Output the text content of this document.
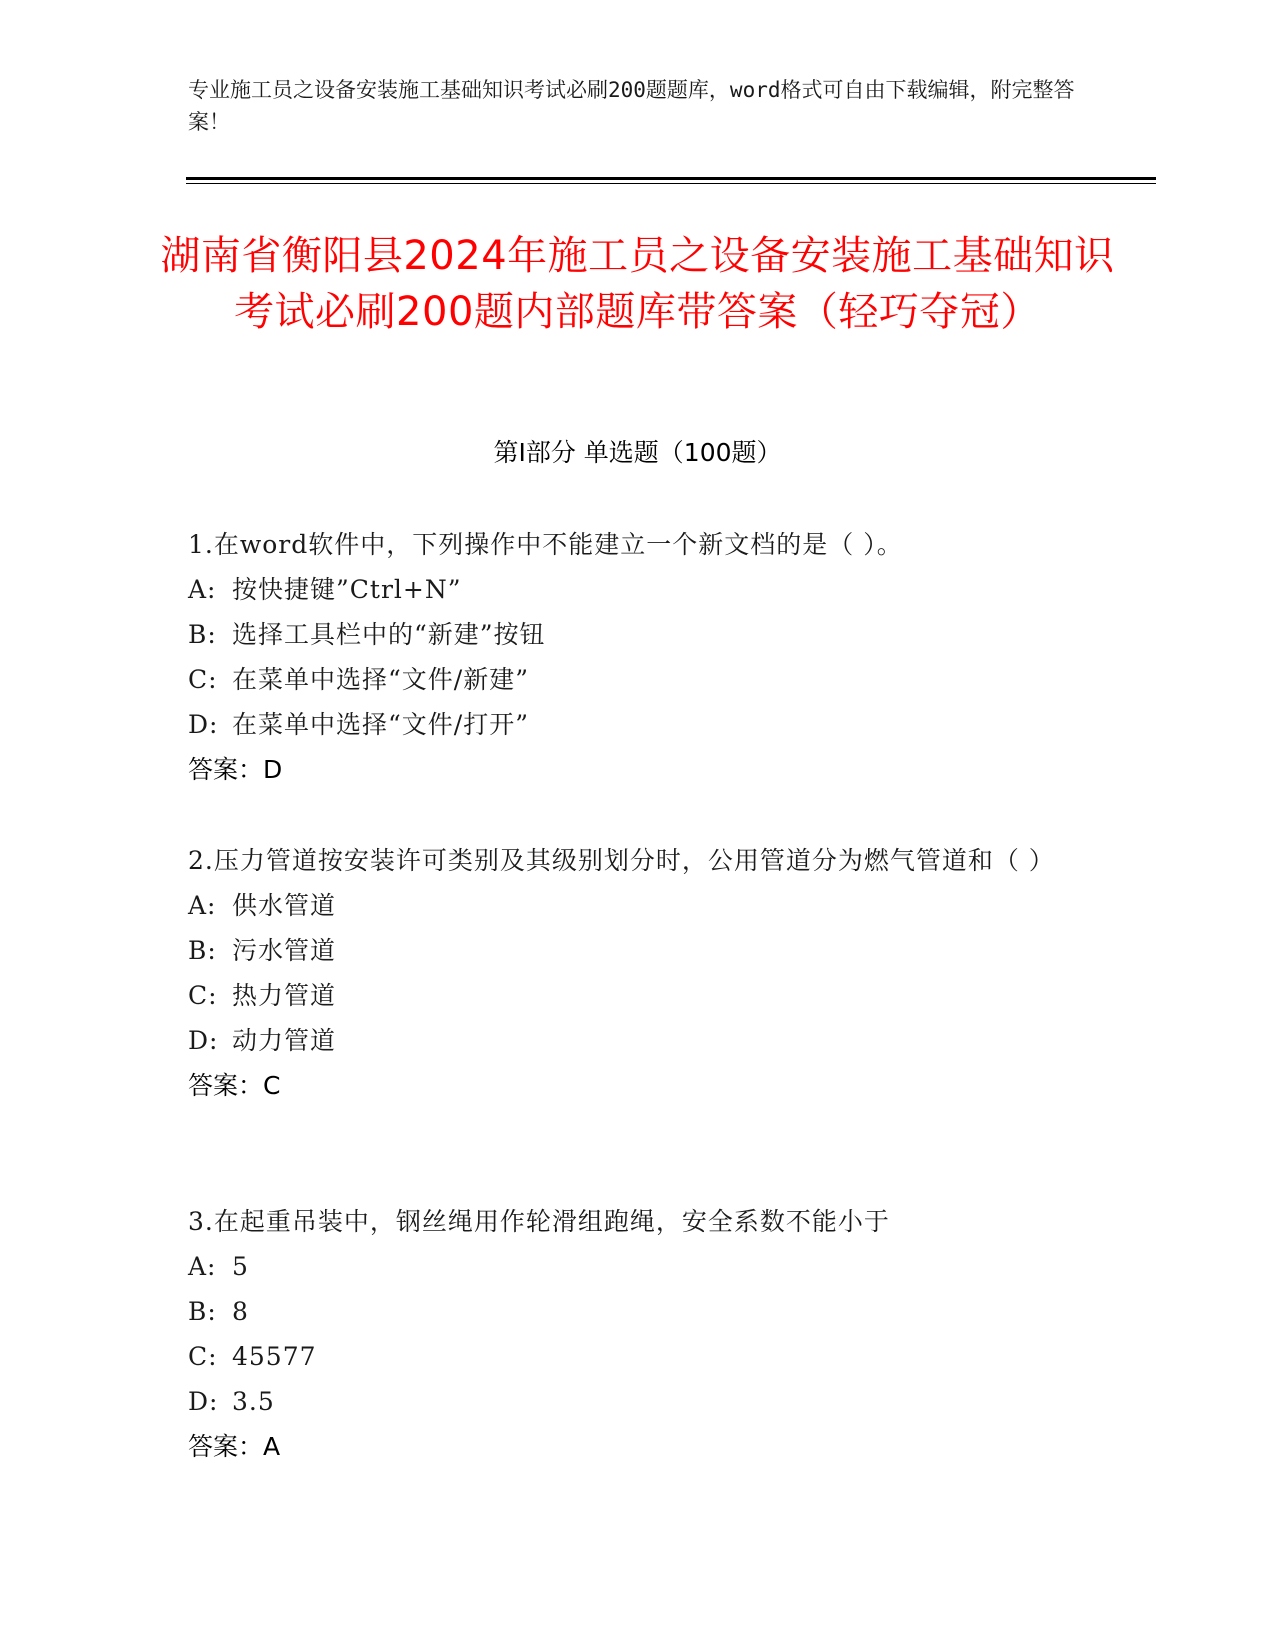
专业施工员之设备安装施工基础知识考试必刷200题题库，word格式可自由下载编辑，附完整答案！
湖南省衡阳县2024年施工员之设备安装施工基础知识考试必刷200题内部题库带答案（轻巧夺冠）
第Ⅰ部分 单选题（100题）
1.在word软件中，下列操作中不能建立一个新文档的是（ ）。
A: 按快捷键”Ctrl+N”
B: 选择工具栏中的“新建”按钮
C: 在菜单中选择“文件/新建”
D: 在菜单中选择“文件/打开”
答案：D
2.压力管道按安装许可类别及其级别划分时，公用管道分为燃气管道和（ ）
A: 供水管道
B: 污水管道
C: 热力管道
D: 动力管道
答案：C
3.在起重吊装中，钢丝绳用作轮滑组跑绳，安全系数不能小于
A: 5
B: 8
C: 45577
D: 3.5
答案：A
